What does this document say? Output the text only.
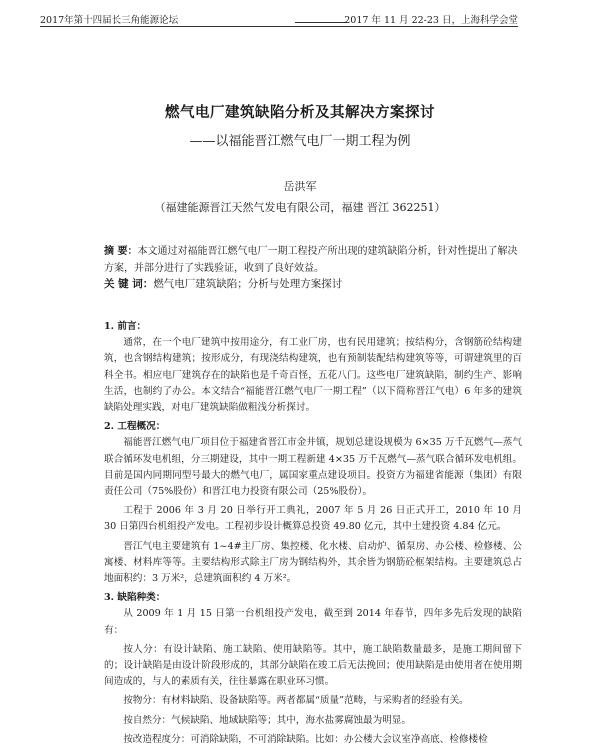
2017年第十四届长三角能源论坛	2017 年 11 月 22-23 日，上海科学会堂
燃气电厂建筑缺陷分析及其解决方案探讨
——以福能晋江燃气电厂一期工程为例
岳洪军
（福建能源晋江天然气发电有限公司，福建 晋江 362251）

摘 要：本文通过对福能晋江燃气电厂一期工程投产所出现的建筑缺陷分析，针对性提出了解决方案，并部分进行了实践验证，收到了良好效益。

关 键 词：燃气电厂建筑缺陷；分析与处理方案探讨

1. 前言：

通常，在一个电厂建筑中按用途分，有工业厂房，也有民用建筑；按结构分，含钢筋砼结构建筑，也含钢结构建筑；按形成分，有现浇结构建筑，也有预制装配结构建筑等等，可谓建筑里的百科全书。相应电厂建筑存在的缺陷也是千奇百怪，五花八门。这些电厂建筑缺陷，制约生产、影响生活，也制约了办公。本文结合“福能晋江燃气电厂一期工程”（以下简称晋江气电）6 年多的建筑缺陷处理实践，对电厂建筑缺陷做粗浅分析探讨。

2. 工程概况：

福能晋江燃气电厂项目位于福建省晋江市金井镇，规划总建设规模为 6×35 万千瓦燃气—蒸气联合循环发电机组，分三期建设，其中一期工程新建 4×35 万千瓦燃气—蒸气联合循环发电机组。目前是国内同期同型号最大的燃气电厂，属国家重点建设项目。投资方为福建省能源（集团）有限责任公司（75%股份）和晋江电力投资有限公司（25%股份）。

工程于 2006 年 3 月 20 日举行开工典礼，2007 年 5 月 26 日正式开工，2010 年 10 月 30 日第四台机组投产发电。工程初步设计概算总投资 49.80 亿元，其中土建投资 4.84 亿元。

晋江气电主要建筑有 1~4#主厂房、集控楼、化水楼、启动炉、循泵房、办公楼、检修楼、公寓楼、材料库等等。主要结构形式除主厂房为钢结构外，其余皆为钢筋砼框架结构。主要建筑总占地面积约：3 万米²，总建筑面积约 4 万米²。

3. 缺陷种类：

从 2009 年 1 月 15 日第一台机组投产发电，截至到 2014 年春节，四年多先后发现的缺陷有：

按人分：有设计缺陷、施工缺陷、使用缺陷等。其中，施工缺陷数量最多，是施工期间留下的；设计缺陷是由设计阶段形成的，其部分缺陷在竣工后无法挽回；使用缺陷是由使用者在使用期间造成的，与人的素质有关，往往暴露在职业环习惯。

按物分：有材料缺陷、设备缺陷等。两者都属“质量”范畴，与采购者的经验有关。

按自然分：气候缺陷、地域缺陷等；其中，海水盐雾腐蚀最为明显。

按改造程度分：可消除缺陷，不可消除缺陷。比如：办公楼大会议室净高底、检修楼检
